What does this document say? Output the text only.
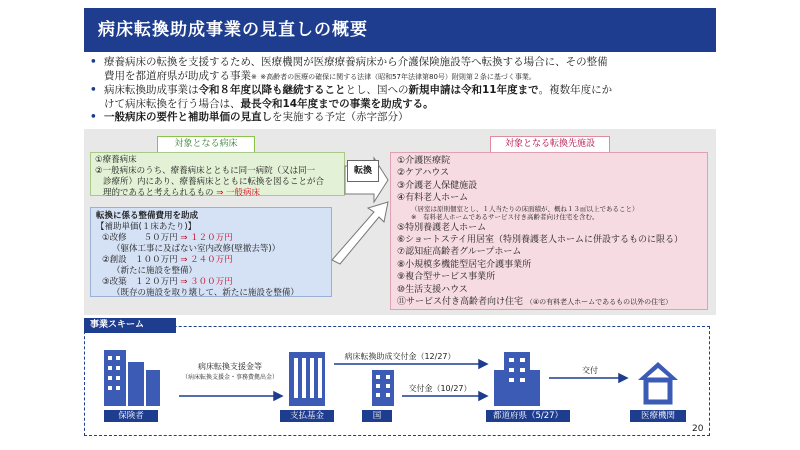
病床転換助成事業の見直しの概要
• 療養病床の転換を支援するため、医療機関が医療療養病床から介護保険施設等へ転換する場合に、その整備
費用を都道府県が助成する事業※ ※高齢者の医療の確保に関する法律（昭和57年法律第80号）附則第２条に基づく事業。
• 病床転換助成事業は令和８年度以降も継続することとし、国への新規申請は令和11年度まで。複数年度にか
けて病床転換を行う場合は、最長令和14年度までの事業を助成する。
• 一般病床の要件と補助単価の見直しを実施する予定（赤字部分）
対象となる病床
①療養病床
②一般病床のうち、療養病床とともに同一病院（又は同一
診療所）内にあり、療養病床とともに転換を図ることが合
理的であると考えられるもの ⇒ 一般病床
転換に係る整備費用を助成
【補助単価(１床あたり)】
①改修　　５０万円 ⇒ １２０万円
（躯体工事に及ばない室内改修(壁撤去等)）
②創設　１００万円 ⇒ ２４０万円
（新たに施設を整備）
③改築　１２０万円 ⇒ ３００万円
（既存の施設を取り壊して、新たに施設を整備）
転換
対象となる転換先施設
①介護医療院
②ケアハウス
③介護老人保健施設
④有料老人ホーム
（居室は原則個室とし、１人当たりの床面積が、概ね１３㎡以上であること）
※　有料老人ホームであるサービス付き高齢者向け住宅を含む。
⑤特別養護老人ホーム
⑥ショートステイ用居室（特別養護老人ホームに併設するものに限る）
⑦認知症高齢者グループホーム
⑧小規模多機能型居宅介護事業所
⑨複合型サービス事業所
⑩生活支援ハウス
⑪サービス付き高齢者向け住宅 （④の有料老人ホームであるもの以外の住宅）
事業スキーム
病床転換支援金等
（病床転換支援金・事務費拠出金）
病床転換助成交付金（12/27）
交付金（10/27）
交付
保険者	支払基金	国	都道府県（5/27）	医療機関
20
